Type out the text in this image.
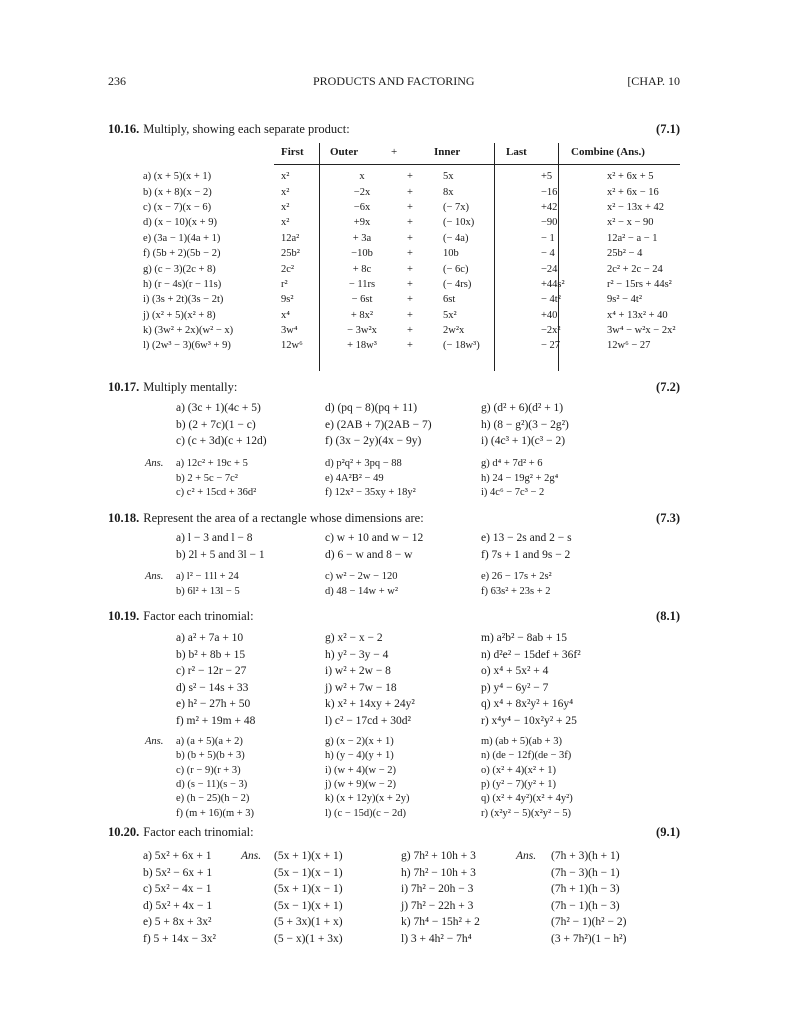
236	PRODUCTS AND FACTORING	[CHAP. 10
10.16. Multiply, showing each separate product:	(7.1)
First Outer	+	Inner	Last	Combine (Ans.)
a) (x + 5)(x + 1)	x²	x	+	5x	+5	x² + 6x + 5
b) (x + 8)(x − 2)	x²	−2x	+	8x	−16	x² + 6x − 16
c) (x − 7)(x − 6)	x²	−6x	+	(− 7x)	+42	x² − 13x + 42
d) (x − 10)(x + 9)	x²	+9x	+	(− 10x)	−90	x² − x − 90
e) (3a − 1)(4a + 1)	12a²	+ 3a	+	(− 4a)	− 1	12a² − a − 1
f) (5b + 2)(5b − 2)	25b²	−10b	+	10b	− 4	25b² − 4
g) (c − 3)(2c + 8)	2c²	+ 8c	+	(− 6c)	−24	2c² + 2c − 24
h) (r − 4s)(r − 11s)	r²	− 11rs	+	(− 4rs)	+44s²	r² − 15rs + 44s²
i) (3s + 2t)(3s − 2t)	9s²	− 6st	+	6st	− 4t²	9s² − 4t²
j) (x² + 5)(x² + 8)	x⁴	+ 8x²	+	5x²	+40	x⁴ + 13x² + 40
k) (3w² + 2x)(w² − x)	3w⁴	− 3w²x	+	2w²x	−2x²	3w⁴ − w²x − 2x²
l) (2w³ − 3)(6w³ + 9)	12w⁶	+ 18w³	+	(− 18w³)	− 27	12w⁶ − 27
10.17. Multiply mentally:	(7.2)
a) (3c + 1)(4c + 5)	d) (pq − 8)(pq + 11)	g) (d² + 6)(d² + 1)
b) (2 + 7c)(1 − c)	e) (2AB + 7)(2AB − 7)	h) (8 − g²)(3 − 2g²)
c) (c + 3d)(c + 12d)	f) (3x − 2y)(4x − 9y)	i) (4c³ + 1)(c³ − 2)
Ans. a) 12c² + 19c + 5	d) p²q² + 3pq − 88	g) d⁴ + 7d² + 6
b) 2 + 5c − 7c²	e) 4A²B² − 49	h) 24 − 19g² + 2g⁴
c) c² + 15cd + 36d²	f) 12x² − 35xy + 18y²	i) 4c⁶ − 7c³ − 2
10.18. Represent the area of a rectangle whose dimensions are:	(7.3)
a) l − 3 and l − 8	c) w + 10 and w − 12	e) 13 − 2s and 2 − s
b) 2l + 5 and 3l − 1	d) 6 − w and 8 − w	f) 7s + 1 and 9s − 2
Ans. a) l² − 11l + 24	c) w² − 2w − 120	e) 26 − 17s + 2s²
b) 6l² + 13l − 5	d) 48 − 14w + w²	f) 63s² + 23s + 2
10.19. Factor each trinomial:	(8.1)
a) a² + 7a + 10	g) x² − x − 2	m) a²b² − 8ab + 15
b) b² + 8b + 15	h) y² − 3y − 4	n) d²e² − 15def + 36f²
c) r² − 12r − 27	i) w² + 2w − 8	o) x⁴ + 5x² + 4
d) s² − 14s + 33	j) w² + 7w − 18	p) y⁴ − 6y² − 7
e) h² − 27h + 50	k) x² + 14xy + 24y²	q) x⁴ + 8x²y² + 16y⁴
f) m² + 19m + 48	l) c² − 17cd + 30d²	r) x⁴y⁴ − 10x²y² + 25
Ans. a) (a + 5)(a + 2)	g) (x − 2)(x + 1)	m) (ab + 5)(ab + 3)
b) (b + 5)(b + 3)	h) (y − 4)(y + 1)	n) (de − 12f)(de − 3f)
c) (r − 9)(r + 3)	i) (w + 4)(w − 2)	o) (x² + 4)(x² + 1)
d) (s − 11)(s − 3)	j) (w + 9)(w − 2)	p) (y² − 7)(y² + 1)
e) (h − 25)(h − 2)	k) (x + 12y)(x + 2y)	q) (x² + 4y²)(x² + 4y²)
f) (m + 16)(m + 3)	l) (c − 15d)(c − 2d)	r) (x²y² − 5)(x²y² − 5)
10.20. Factor each trinomial:	(9.1)
Ans.	Ans.
a) 5x² + 6x + 1	(5x + 1)(x + 1)	g) 7h² + 10h + 3	(7h + 3)(h + 1)
b) 5x² − 6x + 1	(5x − 1)(x − 1)	h) 7h² − 10h + 3	(7h − 3)(h − 1)
c) 5x² − 4x − 1	(5x + 1)(x − 1)	i) 7h² − 20h − 3	(7h + 1)(h − 3)
d) 5x² + 4x − 1	(5x − 1)(x + 1)	j) 7h² − 22h + 3	(7h − 1)(h − 3)
e) 5 + 8x + 3x²	(5 + 3x)(1 + x)	k) 7h⁴ − 15h² + 2	(7h² − 1)(h² − 2)
f) 5 + 14x − 3x²	(5 − x)(1 + 3x)	l) 3 + 4h² − 7h⁴	(3 + 7h²)(1 − h²)
